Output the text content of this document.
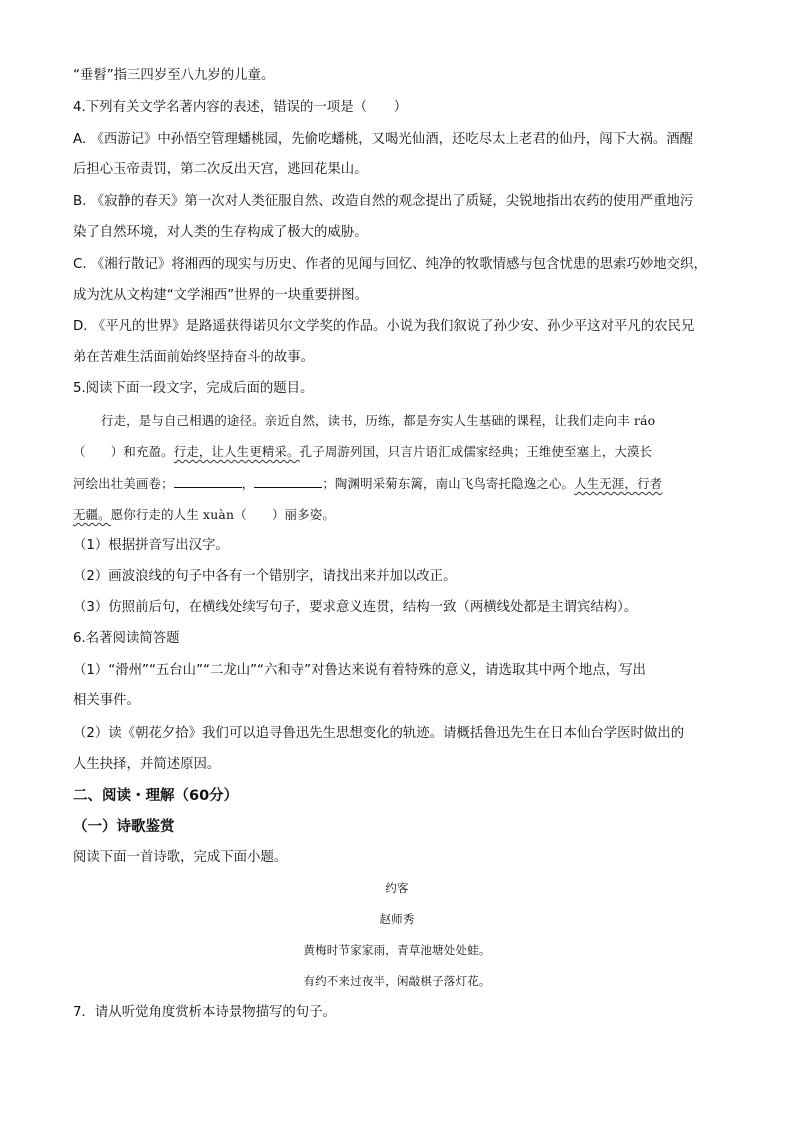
“垂髫”指三四岁至八九岁的儿童。
4.下列有关文学名著内容的表述，错误的一项是（　　）
A. 《西游记》中孙悟空管理蟠桃园，先偷吃蟠桃，又喝光仙酒，还吃尽太上老君的仙丹，闯下大祸。酒醒
后担心玉帝责罚，第二次反出天宫，逃回花果山。
B. 《寂静的春天》第一次对人类征服自然、改造自然的观念提出了质疑，尖锐地指出农药的使用严重地污
染了自然环境，对人类的生存构成了极大的威胁。
C. 《湘行散记》将湘西的现实与历史、作者的见闻与回忆、纯净的牧歌情感与包含忧患的思索巧妙地交织，
成为沈从文构建“文学湘西”世界的一块重要拼图。
D. 《平凡的世界》是路遥获得诺贝尔文学奖的作品。小说为我们叙说了孙少安、孙少平这对平凡的农民兄
弟在苦难生活面前始终坚持奋斗的故事。
5.阅读下面一段文字，完成后面的题目。
行走，是与自己相遇的途径。亲近自然，读书，历练，都是夯实人生基础的课程，让我们走向丰 ráo
（　　）和充盈。行走，让人生更精采。孔子周游列国，只言片语汇成儒家经典；王维使至塞上，大漠长
河绘出壮美画卷；	，	；陶渊明采菊东篱，南山飞鸟寄托隐逸之心。人生无涯，行者
无疆。愿你行走的人生 xuàn（　　）丽多姿。
（1）根据拼音写出汉字。
（2）画波浪线的句子中各有一个错别字，请找出来并加以改正。
（3）仿照前后句，在横线处续写句子，要求意义连贯，结构一致（两横线处都是主谓宾结构）。
6.名著阅读简答题
（1）“滑州”“五台山”“二龙山”“六和寺”对鲁达来说有着特殊的意义，请选取其中两个地点，写出
相关事件。
（2）读《朝花夕拾》我们可以追寻鲁迅先生思想变化的轨迹。请概括鲁迅先生在日本仙台学医时做出的
人生抉择，并简述原因。
二、阅读・理解（60分）
（一）诗歌鉴赏
阅读下面一首诗歌，完成下面小题。
约客
赵师秀
黄梅时节家家雨，青草池塘处处蛙。
有约不来过夜半，闲敲棋子落灯花。
7．请从听觉角度赏析本诗景物描写的句子。
